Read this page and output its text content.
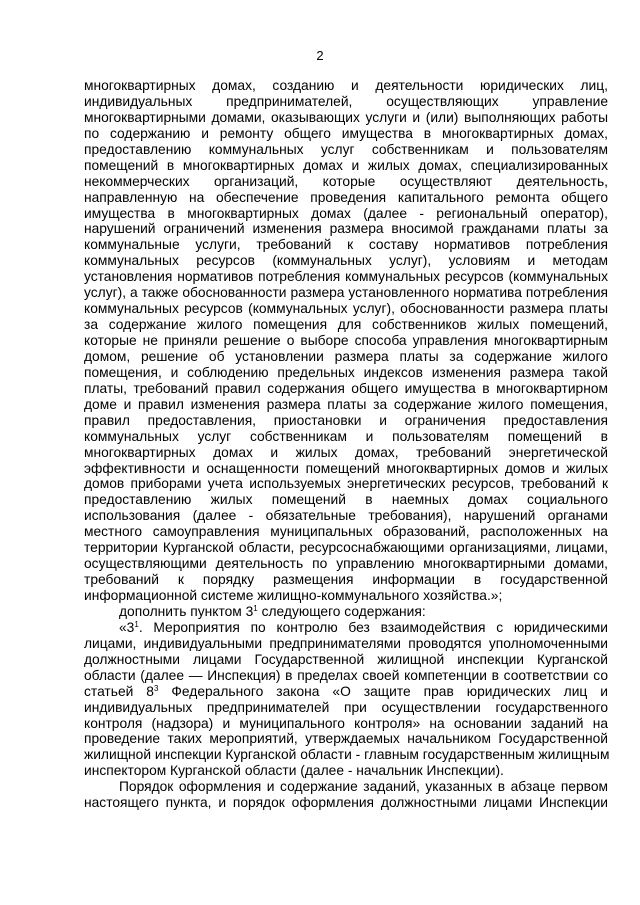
2
многоквартирных домах, созданию и деятельности юридических лиц,
индивидуальных предпринимателей, осуществляющих управление
многоквартирными домами, оказывающих услуги и (или) выполняющих работы
по содержанию и ремонту общего имущества в многоквартирных домах,
предоставлению коммунальных услуг собственникам и пользователям
помещений в многоквартирных домах и жилых домах, специализированных
некоммерческих организаций, которые осуществляют деятельность,
направленную на обеспечение проведения капитального ремонта общего
имущества в многоквартирных домах (далее - региональный оператор),
нарушений ограничений изменения размера вносимой гражданами платы за
коммунальные услуги, требований к составу нормативов потребления
коммунальных ресурсов (коммунальных услуг), условиям и методам
установления нормативов потребления коммунальных ресурсов (коммунальных
услуг), а также обоснованности размера установленного норматива потребления
коммунальных ресурсов (коммунальных услуг), обоснованности размера платы
за содержание жилого помещения для собственников жилых помещений,
которые не приняли решение о выборе способа управления многоквартирным
домом, решение об установлении размера платы за содержание жилого
помещения, и соблюдению предельных индексов изменения размера такой
платы, требований правил содержания общего имущества в многоквартирном
доме и правил изменения размера платы за содержание жилого помещения,
правил предоставления, приостановки и ограничения предоставления
коммунальных услуг собственникам и пользователям помещений в
многоквартирных домах и жилых домах, требований энергетической
эффективности и оснащенности помещений многоквартирных домов и жилых
домов приборами учета используемых энергетических ресурсов, требований к
предоставлению жилых помещений в наемных домах социального
использования (далее - обязательные требования), нарушений органами
местного самоуправления муниципальных образований, расположенных на
территории Курганской области, ресурсоснабжающими организациями, лицами,
осуществляющими деятельность по управлению многоквартирными домами,
требований к порядку размещения информации в государственной
информационной системе жилищно-коммунального хозяйства.»;
дополнить пунктом $3^1$ следующего содержания:
«$3^1$. Мероприятия по контролю без взаимодействия с юридическими
лицами, индивидуальными предпринимателями проводятся уполномоченными
должностными лицами Государственной жилищной инспекции Курганской
области (далее — Инспекция) в пределах своей компетенции в соответствии со
статьей $8^3$ Федерального закона «О защите прав юридических лиц и
индивидуальных предпринимателей при осуществлении государственного
контроля (надзора) и муниципального контроля» на основании заданий на
проведение таких мероприятий, утверждаемых начальником Государственной
жилищной инспекции Курганской области - главным государственным жилищным
инспектором Курганской области (далее - начальник Инспекции).
Порядок оформления и содержание заданий, указанных в абзаце первом
настоящего пункта, и порядок оформления должностными лицами Инспекции
